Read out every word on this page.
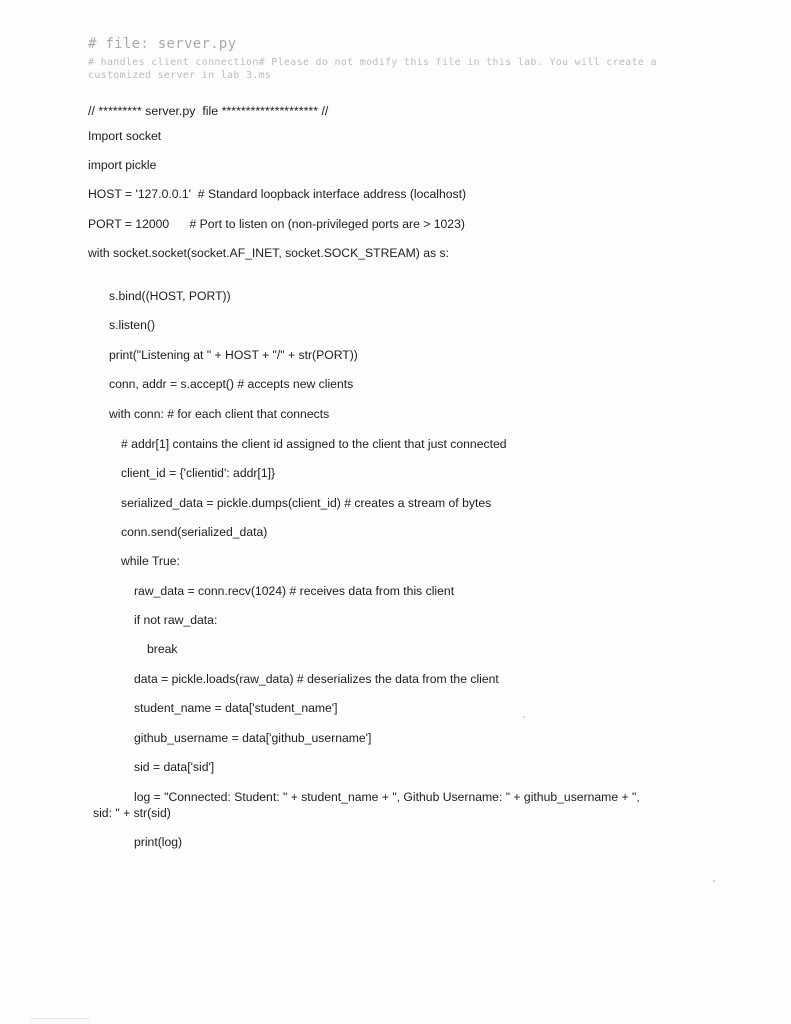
# file: server.py
# handles client connection# Please do not modify this file in this lab. You will create a
customized server in lab 3.ms
// ********* server.py  file ******************** //
Import socket
import pickle
HOST = '127.0.0.1'  # Standard loopback interface address (localhost)
PORT = 12000      # Port to listen on (non-privileged ports are > 1023)
with socket.socket(socket.AF_INET, socket.SOCK_STREAM) as s:
s.bind((HOST, PORT))
s.listen()
print("Listening at " + HOST + "/" + str(PORT))
conn, addr = s.accept() # accepts new clients
with conn: # for each client that connects
# addr[1] contains the client id assigned to the client that just connected
client_id = {'clientid': addr[1]}
serialized_data = pickle.dumps(client_id) # creates a stream of bytes
conn.send(serialized_data)
while True:
raw_data = conn.recv(1024) # receives data from this client
if not raw_data:
break
data = pickle.loads(raw_data) # deserializes the data from the client
student_name = data['student_name']
github_username = data['github_username']
sid = data['sid']
log = "Connected: Student: " + student_name + ", Github Username: " + github_username + ",
sid: " + str(sid)
print(log)
